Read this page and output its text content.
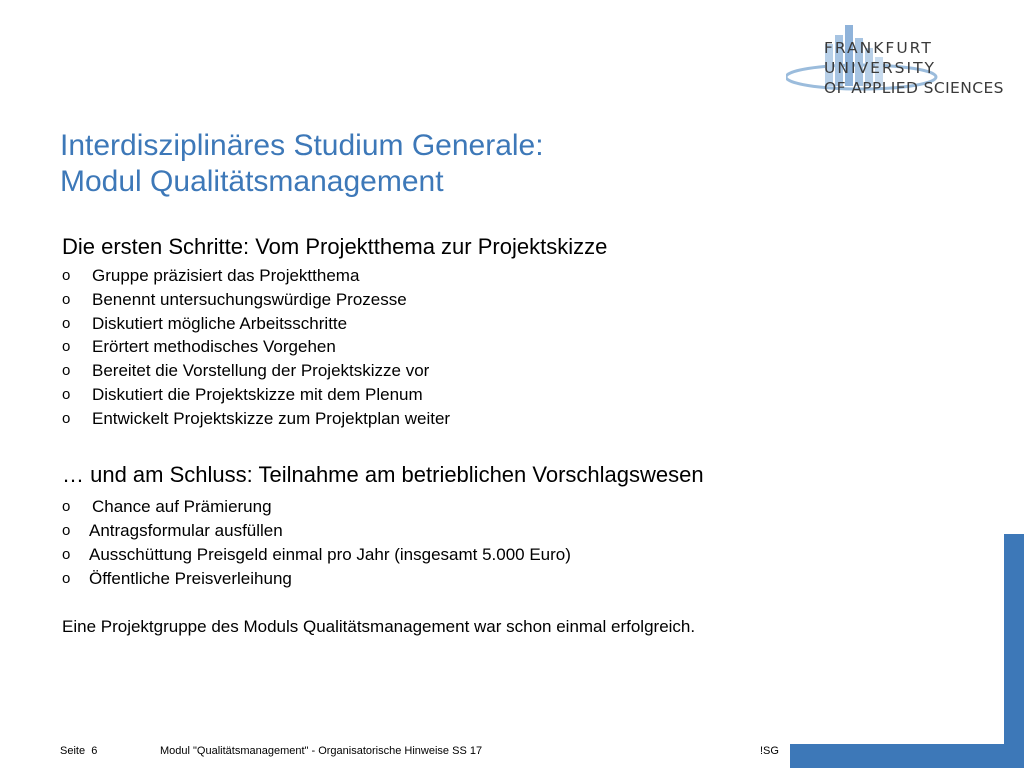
FRANKFURT
UNIVERSITY
OF APPLIED SCIENCES
Interdisziplinäres Studium Generale:
Modul Qualitätsmanagement
Die ersten Schritte: Vom Projektthema zur Projektskizze
o	Gruppe präzisiert das Projektthema
o	Benennt untersuchungswürdige Prozesse
o	Diskutiert mögliche Arbeitsschritte
o	Erörtert methodisches Vorgehen
o	Bereitet die Vorstellung der Projektskizze vor
o	Diskutiert die Projektskizze mit dem Plenum
o	Entwickelt Projektskizze zum Projektplan weiter
… und am Schluss: Teilnahme am betrieblichen Vorschlagswesen
o	Chance auf Prämierung
o	Antragsformular ausfüllen
o	Ausschüttung Preisgeld einmal pro Jahr (insgesamt 5.000 Euro)
o	Öffentliche Preisverleihung
Eine Projektgruppe des Moduls Qualitätsmanagement war schon einmal erfolgreich.
Seite 6	Modul "Qualitätsmanagement" - Organisatorische Hinweise SS 17	!SG
